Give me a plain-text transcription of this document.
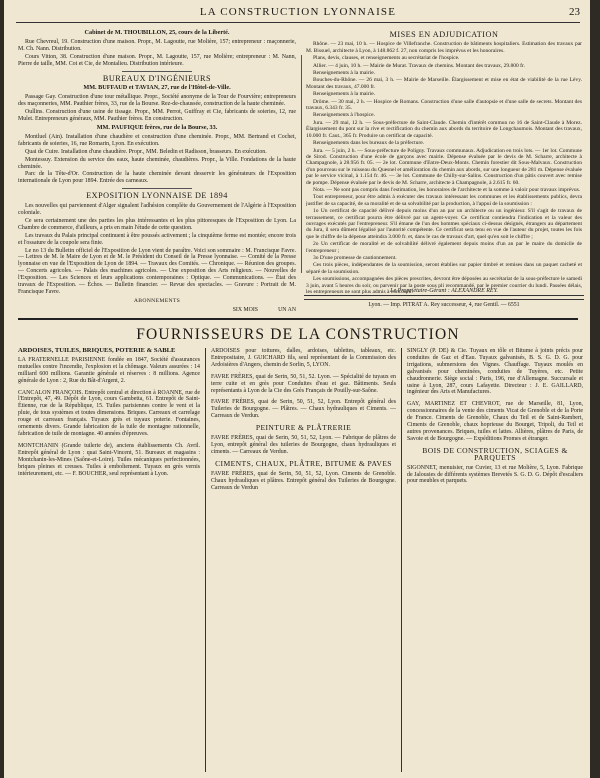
LA CONSTRUCTION LYONNAISE	23
Cabinet de M. THOUBILLON, 25, cours de la Liberté.

Rue Chevreul, 19. Construction d'une maison. Propr., M. Lagoutte, rue Molière, 157; entrepreneur : maçonnerie, M. Ch. Nann. Distribution.

Cours Vitton, 38. Construction d'une maison. Propr., M. Lagoutte, 157, rue Molière; entrepreneur : M. Nann, Pierre de taille, MM. Cot et Cie, de Montalieu. Distribution intérieure.

BUREAUX D'INGÉNIEURS
MM. BUFFAUD et TAVIAN, 27, rue de l'Hôtel-de-Ville.

Passage Gay. Construction d'une tour métallique. Propr., Société anonyme de la Tour de Fourvière; entrepreneurs des maçonneries, MM. Pauthier frères, 33, rue de la Bourse. Rez-de-chaussée, construction de la haute cheminée.

Oullins. Construction d'une usine de tissage. Propr., MM. Perrot, Guiffray et Cie, fabricants de soieries, 12, rue Mulet. Entrepreneurs généraux, MM. Pauthier frères. En construction.

MM. PAUFIQUE frères, rue de la Bourse, 33.

Montluel (Ain). Installation d'une chaudière et construction d'une cheminée. Propr., MM. Bertrand et Cochet, fabricants de soieries, 16, rue Romarin, Lyon. En exécution.

Quai de Cuire. Installation d'une chaudière. Propr., MM. Beledin et Radisson, brasseurs. En exécution.

Montessuy. Extension du service des eaux, haute cheminée, chaudières. Propr., la Ville. Fondations de la haute cheminée.

Parc de la Tête-d'Or. Construction de la haute cheminée devant desservir les générateurs de l'Exposition internationale de Lyon pour 1894. Entrée des carneaux.

EXPOSITION LYONNAISE DE 1894

Les nouvelles qui parviennent d'Alger signalent l'adhésion complète du Gouvernement de l'Algérie à l'Exposition coloniale.

Ce sera certainement une des parties les plus intéressantes et les plus pittoresques de l'Exposition de Lyon. La Chambre de commerce, d'ailleurs, a pris en main l'étude de cette question.

Les travaux du Palais principal continuent à être poussés activement ; la cinquième ferme est montée; encore trois et l'ossature de la coupole sera finie.

Le no 13 du Bulletin officiel de l'Exposition de Lyon vient de paraître. Voici son sommaire : M. Francisque Favre. — Lettres de M. le Maire de Lyon et de M. le Président du Conseil de la Presse lyonnaise. — Comité de la Presse lyonnaise en vue de l'Exposition de Lyon de 1894. — Travaux des Comités. — Chronique. — Réunion des groupes. — Concerts agricoles. — Palais des machines agricoles. — Une exposition des Arts religieux. — Nouvelles de l'Exposition. — Les Sciences et leurs applications contemporaines : Optique. — Communications. — État des travaux de l'Exposition. — Échos. — Bulletin financier. — Revue des spectacles. — Gravure : Portrait de M. Francisque Favre.

ABONNEMENTS
	SIX MOIS	UN AN

MISES EN ADJUDICATION

Rhône. — 23 mai, 10 h. — Hospice de Villefranche. Construction de bâtiments hospitaliers. Estimation des travaux par M. Bissuel, architecte à Lyon, à 148.862 f. 27, non compris les imprévus et les honoraires.

Plans, devis, clauses, et renseignements au secrétariat de l'hospice.

Allier. — 4 juin, 10 h. — Mairie de Murat. Travaux de chemins. Montant des travaux, 29.800 fr.

Renseignements à la mairie.

Bouches-du-Rhône. — 26 mai, 3 h. — Mairie de Marseille. Élargissement et mise en état de viabilité de la rue Lévy. Montant des travaux, 47.000 fr.

Renseignements à la mairie.

Drôme. — 30 mai, 2 h. — Hospice de Romans. Construction d'une salle d'autopsie et d'une salle de secrets. Montant des travaux, 6.343 fr. 35.

Renseignements à l'hospice.

Jura. — 29 mai, 12 h. — Sous-préfecture de Saint-Claude. Chemin d'intérêt commun no 16 de Saint-Claude à Morez. Élargissement du pont sur la rive et rectification du chemin aux abords du territoire de Longchaumois. Montant des travaux, 10.000 fr. Caut., 365 fr. Produire un certificat de capacité.

Renseignements dans les bureaux de la préfecture.

Jura. — 5 juin, 2 h. — Sous-préfecture de Poligny. Travaux communaux. Adjudication en trois lots. — 1er lot. Commune de Sirod. Construction d'une école de garçons avec mairie. Dépense évaluée par le devis de M. Scharre, architecte à Champagnole, à 28.956 fr. 05. — 2e lot. Commune d'Entre-Deux-Monts. Chemin forestier dit Sous-Malvaux. Construction d'un pourceau sur le ruisseau du Quesnel et amélioration du chemin aux abords, sur une longueur de 281 m. Dépense évaluée par le service vicinal, à 1.154 fr. 46. — 3e lot. Commune de Chilly-sur-Salins. Construction d'un pâtis couvert avec remise de pompe. Dépense évaluée par le devis de M. Scharre, architecte à Champagnole, à 2.615 fr. 60.

Nota. — Ne sont pas compris dans l'estimation, les honoraires de l'architecte et la somme à valoir pour travaux imprévus.

Tout entrepreneur, pour être admis à exécuter des travaux intéressant les communes et les établissements publics, devra justifier de sa capacité, de sa moralité et de sa solvabilité par la production, à l'appui de la soumission :

1o Un certificat de capacité délivré depuis moins d'un an par un architecte ou un ingénieur. S'il s'agit de travaux de terrassement, ce certificat pourra être délivré par un agent-voyer. Ce certificat contiendra l'indication et la valeur des ouvrages exécutés par l'entrepreneur. S'il émane de l'un des hommes spéciaux ci-dessus désignés, étrangers au département du Jura, il sera dûment légalisé par l'autorité compétente. Ce certificat sera tenu en vue de l'auteur du projet, toutes les fois que le chiffre de la dépense atteindra 3.000 fr. et, dans le cas de travaux d'art, quel qu'en soit le chiffre ;

2o Un certificat de moralité et de solvabilité délivré également depuis moins d'un an par le maire du domicile de l'entrepreneur ;

3o D'une promesse de cautionnement.

Ces trois pièces, indépendantes de la soumission, seront établies sur papier timbré et remises dans un paquet cacheté et séparé de la soumission.

Les soumissions, accompagnées des pièces prescrites, devront être déposées au secrétariat de la sous-préfecture le samedi 3 juin, avant 5 heures du soir, ou parvenir par la poste sous pli recommandé, par le premier courrier du lundi. Passées délais, les entrepreneurs ne sont plus admis à concourir.

Le Propriétaire-Gérant : ALEXANDRE REY.
Lyon. — Imp. PITRAT A. Rey successeur, 4, rue Gentil. — 6551
FOURNISSEURS DE LA CONSTRUCTION
ARDOISES, TUILES, BRIQUES, POTERIE & SABLE

LA FRATERNELLE PARISIENNE fondée en 1847, Société d'assurances mutuelles contre l'incendie, l'explosion et la chômage. Valeurs assurées : 14 milliard 600 millions. Garantie générale et réserves : 8 millions. Agence générale de Lyon : 2, Rue du Bât-d'Argent, 2.

CANCALON FRANÇOIS. Entrepôt central et direction à ROANNE, rue de l'Entrepôt, 47, 49. Dépôt de Lyon, cours Gambetta, 61. Entrepôt de Saint-Étienne, rue de la République, 15. Tuiles parisiennes contre le vent et la pluie, de tous systèmes et toutes dimensions. Briques. Carreaux et carrelage rouge et carreaux français. Tuyaux grès et tuyaux poterie. Fontaines, ornements divers. Grande fabrication de la tuile de montagne rationnelle, fabrication de tuile de montagne. 40 années d'épreuves.

MONTCHANIN (Grande tuilerie de), anciens établissements Ch. Avril. Entrepôt général de Lyon : quai Saint-Vincent, 51. Bureaux et magasins : Montchanin-les-Mines (Saône-et-Loire). Tuiles mécaniques perfectionnées, briques pleines et creuses. Tuiles à emboîtement. Tuyaux en grès vernis intérieurement, etc. — F. BOUCHER, seul représentant à Lyon.

ARDOISES pour toitures, dalles, ardoises, tablettes, tableaux, etc. Entrepositaire, J. GUICHARD fils, seul représentant de la Commission des Ardoisières d'Angers, chemin de Sorlin, 5, LYON.

FAVRE FRÈRES, quai de Serin, 50, 51, 52. Lyon. — Spécialité de tuyaux en terre cuite et en grès pour Conduites d'eau et gaz. Bâtiments. Seuls représentants à Lyon de la Cie des Grès Français de Pouilly-sur-Saône.

FAVRE FRÈRES, quai de Serin, 50, 51, 52, Lyon. Entrepôt général des Tuileries de Bourgogne. — Plâtres. — Chaux hydrauliques et Ciments. — Carreaux de Verdun.

PEINTURE & PLÂTRERIE

FAVRE FRÈRES, quai de Serin, 50, 51, 52, Lyon. — Fabrique de plâtres de Lyon, entrepôt général des tuileries de Bourgogne, chaux hydrauliques et ciments. — Carreaux de Verdun.

CIMENTS, CHAUX, PLÂTRE, BITUME & PAVES

FAVRE FRÈRES, quai de Serin, 50, 51, 52, Lyon. Ciments de Grenoble. Chaux hydrauliques et plâtres. Entrepôt général des Tuileries de Bourgogne. Carreaux de Verdun

SINGLY (P. DE) & Cie. Tuyaux en tôle et Bitume à joints précis pour conduites de Gaz et d'Eau. Tuyaux galvanisés, B. S. G. D. G. pour irrigations, submersions des Vignes. Chauffage. Tuyaux moulés en galvanisés pour cheminées, conduites de Tuyères, etc. Petite chaudronnerie. Siège social : Paris, 196, rue d'Allemagne. Succursale et usine à Lyon, 287, cours Lafayette. Directeur : J. E. GAILLARD, ingénieur des Arts et Manufactures.

GAY, MARTINEZ ET CHEVROT, rue de Marseille, 81, Lyon, concessionnaires de la vente des ciments Vicat de Grenoble et de la Porte de France. Ciments de Grenoble, Chaux du Teil et de Saint-Rambert, Ciments de Grenoble, chaux hoprieuse du Bourget, Tripoli, du Teil et autres provenances. Briques, tuiles et lattes. Allières, plâtres de Paris, de Savoie et de Bourgogne. — Expéditions Promes et étranger.

BOIS DE CONSTRUCTION, SCIAGES & PARQUETS

SIGONNET, menuisier, rue Cuvier, 13 et rue Molière, 5, Lyon. Fabrique de Jalousies de différents systèmes Brevetés S. G. D. G. Dépôt d'escaliers pour meubles et parquets.
